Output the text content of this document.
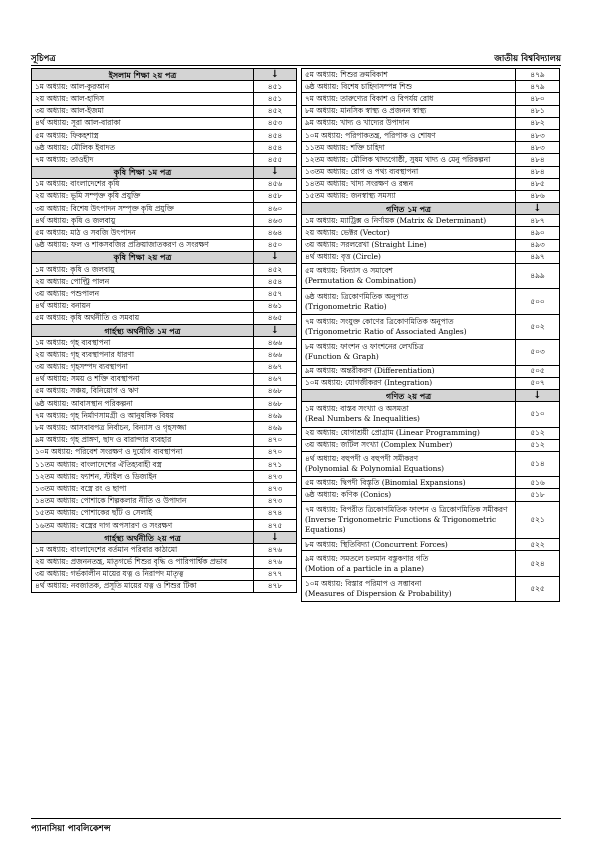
সূচিপত্র	জাতীয় বিশ্ববিদ্যালয়
ইসলাম শিক্ষা ২য় পত্র	↓

১ম অধ্যায়: আল-কুরআন	৪৫১

২য় অধ্যায়: আল-হাদিস	৪৫১

৩য় অধ্যায়: আল-ইজমা	৪৫২

৪র্থ অধ্যায়: সূরা আল-বারাকা	৪৫৩

৫ম অধ্যায়: ফিকহশাস্ত্র	৪৫৪

৬ষ্ঠ অধ্যায়: মৌলিক ইবাদত	৪৫৪

৭ম অধ্যায়: তাওহীদ	৪৫৫
কৃষি শিক্ষা ১ম পত্র	↓

১ম অধ্যায়: বাংলাদেশের কৃষি	৪৫৬

২য় অধ্যায়: ভূমি সম্পৃক্ত কৃষি প্রযুক্তি	৪৫৮

৩য় অধ্যায়: বিশেষ উৎপাদন সম্পৃক্ত কৃষি প্রযুক্তি	৪৬০

৪র্থ অধ্যায়: কৃষি ও জলবায়ু	৪৬৩

৫ম অধ্যায়: মাঠ ও সবজি উৎপাদন	৪৬৪

৬ষ্ঠ অধ্যায়: ফল ও শাকসবজির প্রক্রিয়াজাতকরণ ও সংরক্ষণ	৪৫০
কৃষি শিক্ষা ২য় পত্র	↓

১ম অধ্যায়: কৃষি ও জলবায়ু	৪৫২

২য় অধ্যায়: পোল্ট্রি পালন	৪৫৪

৩য় অধ্যায়: পশুপালন	৪৫৭

৪র্থ অধ্যায়: বনায়ন	৪৬১

৫ম অধ্যায়: কৃষি অর্থনীতি ও সমবায়	৪৬৫
গার্হস্থ্য অর্থনীতি ১ম পত্র	↓

১ম অধ্যায়: গৃহ ব্যবস্থাপনা	৪৬৬

২য় অধ্যায়: গৃহ ব্যবস্থাপনার ধারণা	৪৬৬

৩য় অধ্যায়: গৃহসম্পদ ব্যবস্থাপনা	৪৬৭

৪র্থ অধ্যায়: সময় ও শক্তি ব্যবস্থাপনা	৪৬৭

৫ম অধ্যায়: সঞ্চয়, বিনিয়োগ ও ঋণ	৪৬৮

৬ষ্ঠ অধ্যায়: আবাসস্থান পরিকল্পনা	৪৬৮

৭ম অধ্যায়: গৃহ নির্মাণসামগ্রী ও আনুষঙ্গিক বিষয়	৪৬৯

৮ম অধ্যায়: আসবাবপত্র নির্বাচন, বিন্যাস ও গৃহসজ্জা	৪৬৯

৯ম অধ্যায়: গৃহ প্রাঙ্গণ, ছাদ ও বারান্দার ব্যবহার	৪৭০

১০ম অধ্যায়: পরিবেশ সংরক্ষণ ও দুর্যোগ ব্যবস্থাপনা	৪৭০

১১তম অধ্যায়: বাংলাদেশের ঐতিহ্যবাহী বস্ত্র	৪৭১

১২তম অধ্যায়: ফ্যাশন, স্টাইল ও ডিজাইন	৪৭৩

১৩তম অধ্যায়: বস্ত্রে রং ও ছাপা	৪৭৩

১৪তম অধ্যায়: পোশাকে শিল্পকলার নীতি ও উপাদান	৪৭৩

১৫তম অধ্যায়: পোশাকের ছাঁট ও সেলাই	৪৭৪

১৬তম অধ্যায়: বস্ত্রের দাগ অপসারণ ও সংরক্ষণ	৪৭৫
গার্হস্থ্য অর্থনীতি ২য় পত্র	↓

১ম অধ্যায়: বাংলাদেশের বর্তমান পরিবার কাঠামো	৪৭৬

২য় অধ্যায়: প্রজননতন্ত্র, মাতৃগর্ভে শিশুর বৃদ্ধি ও পারিপার্শ্বিক প্রভাব	৪৭৬

৩য় অধ্যায়: গর্ভকালীন মায়ের যত্ন ও নিরাপদ মাতৃত্ব	৪৭৭

৪র্থ অধ্যায়: নবজাতক, প্রসূতি মায়ের যত্ন ও শিশুর টিকা	৪৭৮
৫ম অধ্যায়: শিশুর ক্রমবিকাশ	৪৭৯

৬ষ্ঠ অধ্যায়: বিশেষ চাহিদাসম্পন্ন শিশু	৪৭৯

৭ম অধ্যায়: তারুণ্যের বিকাশ ও বিপর্যয় রোধ	৪৮০

৮ম অধ্যায়: মানসিক স্বাস্থ্য ও প্রজনন স্বাস্থ্য	৪৮১

৯ম অধ্যায়: খাদ্য ও খাদ্যের উপাদান	৪৮২

১০ম অধ্যায়: পরিপাকতন্ত্র, পরিপাক ও শোষণ	৪৮৩

১১তম অধ্যায়: শক্তি চাহিদা	৪৮৩

১২তম অধ্যায়: মৌলিক খাদ্যগোষ্ঠী, সুষম খাদ্য ও মেনু পরিকল্পনা	৪৮৪

১৩তম অধ্যায়: রোগ ও পথ্য ব্যবস্থাপনা	৪৮৪

১৪তম অধ্যায়: খাদ্য সংরক্ষণ ও রন্ধন	৪৮৫

১৫তম অধ্যায়: জনস্বাস্থ্য সমস্যা	৪৮৬
গণিত ১ম পত্র	↓

১ম অধ্যায়: ম্যাট্রিক্স ও নির্ণায়ক (Matrix & Determinant)	৪৮৭

২য় অধ্যায়: ভেক্টর (Vector)	৪৯০

৩য় অধ্যায়: সরলরেখা (Straight Line)	৪৯৩

৪র্থ অধ্যায়: বৃত্ত (Circle)	৪৯৭

৫ম অধ্যায়: বিন্যাস ও সমাবেশ
(Permutation & Combination)	৪৯৯

৬ষ্ঠ অধ্যায়: ত্রিকোণমিতিক অনুপাত
(Trigonometric Ratio)	৫০০

৭ম অধ্যায়: সংযুক্ত কোণের ত্রিকোণমিতিক অনুপাত
(Trigonometric Ratio of Associated Angles)	৫০২

৮ম অধ্যায়: ফাংশন ও ফাংশনের লেখচিত্র
(Function & Graph)	৫০৩

৯ম অধ্যায়: অন্তরীকরণ (Differentiation)	৫০৫

১০ম অধ্যায়: যোগজীকরণ (Integration)	৫০৭
গণিত ২য় পত্র	↓

১ম অধ্যায়: বাস্তব সংখ্যা ও অসমতা
(Real Numbers & Inequalities)	৫১০

২য় অধ্যায়: যোগাশ্রয়ী প্রোগ্রাম (Linear Programming)	৫১২

৩য় অধ্যায়: জটিল সংখ্যা (Complex Number)	৫১২

৪র্থ অধ্যায়: বহুপদী ও বহুপদী সমীকরণ
(Polynomial & Polynomial Equations)	৫১৪

৫ম অধ্যায়: দ্বিপদী বিস্তৃতি (Binomial Expansions)	৫১৬

৬ষ্ঠ অধ্যায়: কণিক (Conics)	৫১৮

৭ম অধ্যায়: বিপরীত ত্রিকোণমিতিক ফাংশন ও ত্রিকোণমিতিক সমীকরণ
(Inverse Trigonometric Functions & Trigonometric
Equations)	৫২১

৮ম অধ্যায়: স্থিতিবিদ্যা (Concurrent Forces)	৫২২

৯ম অধ্যায়: সমতলে চলমান বস্তুকণার গতি
(Motion of a particle in a plane)	৫২৪

১০ম অধ্যায়: বিস্তার পরিমাপ ও সম্ভাবনা
(Measures of Dispersion & Probability)	৫২৫
প্যানাসিয়া পাবলিকেশন্স
